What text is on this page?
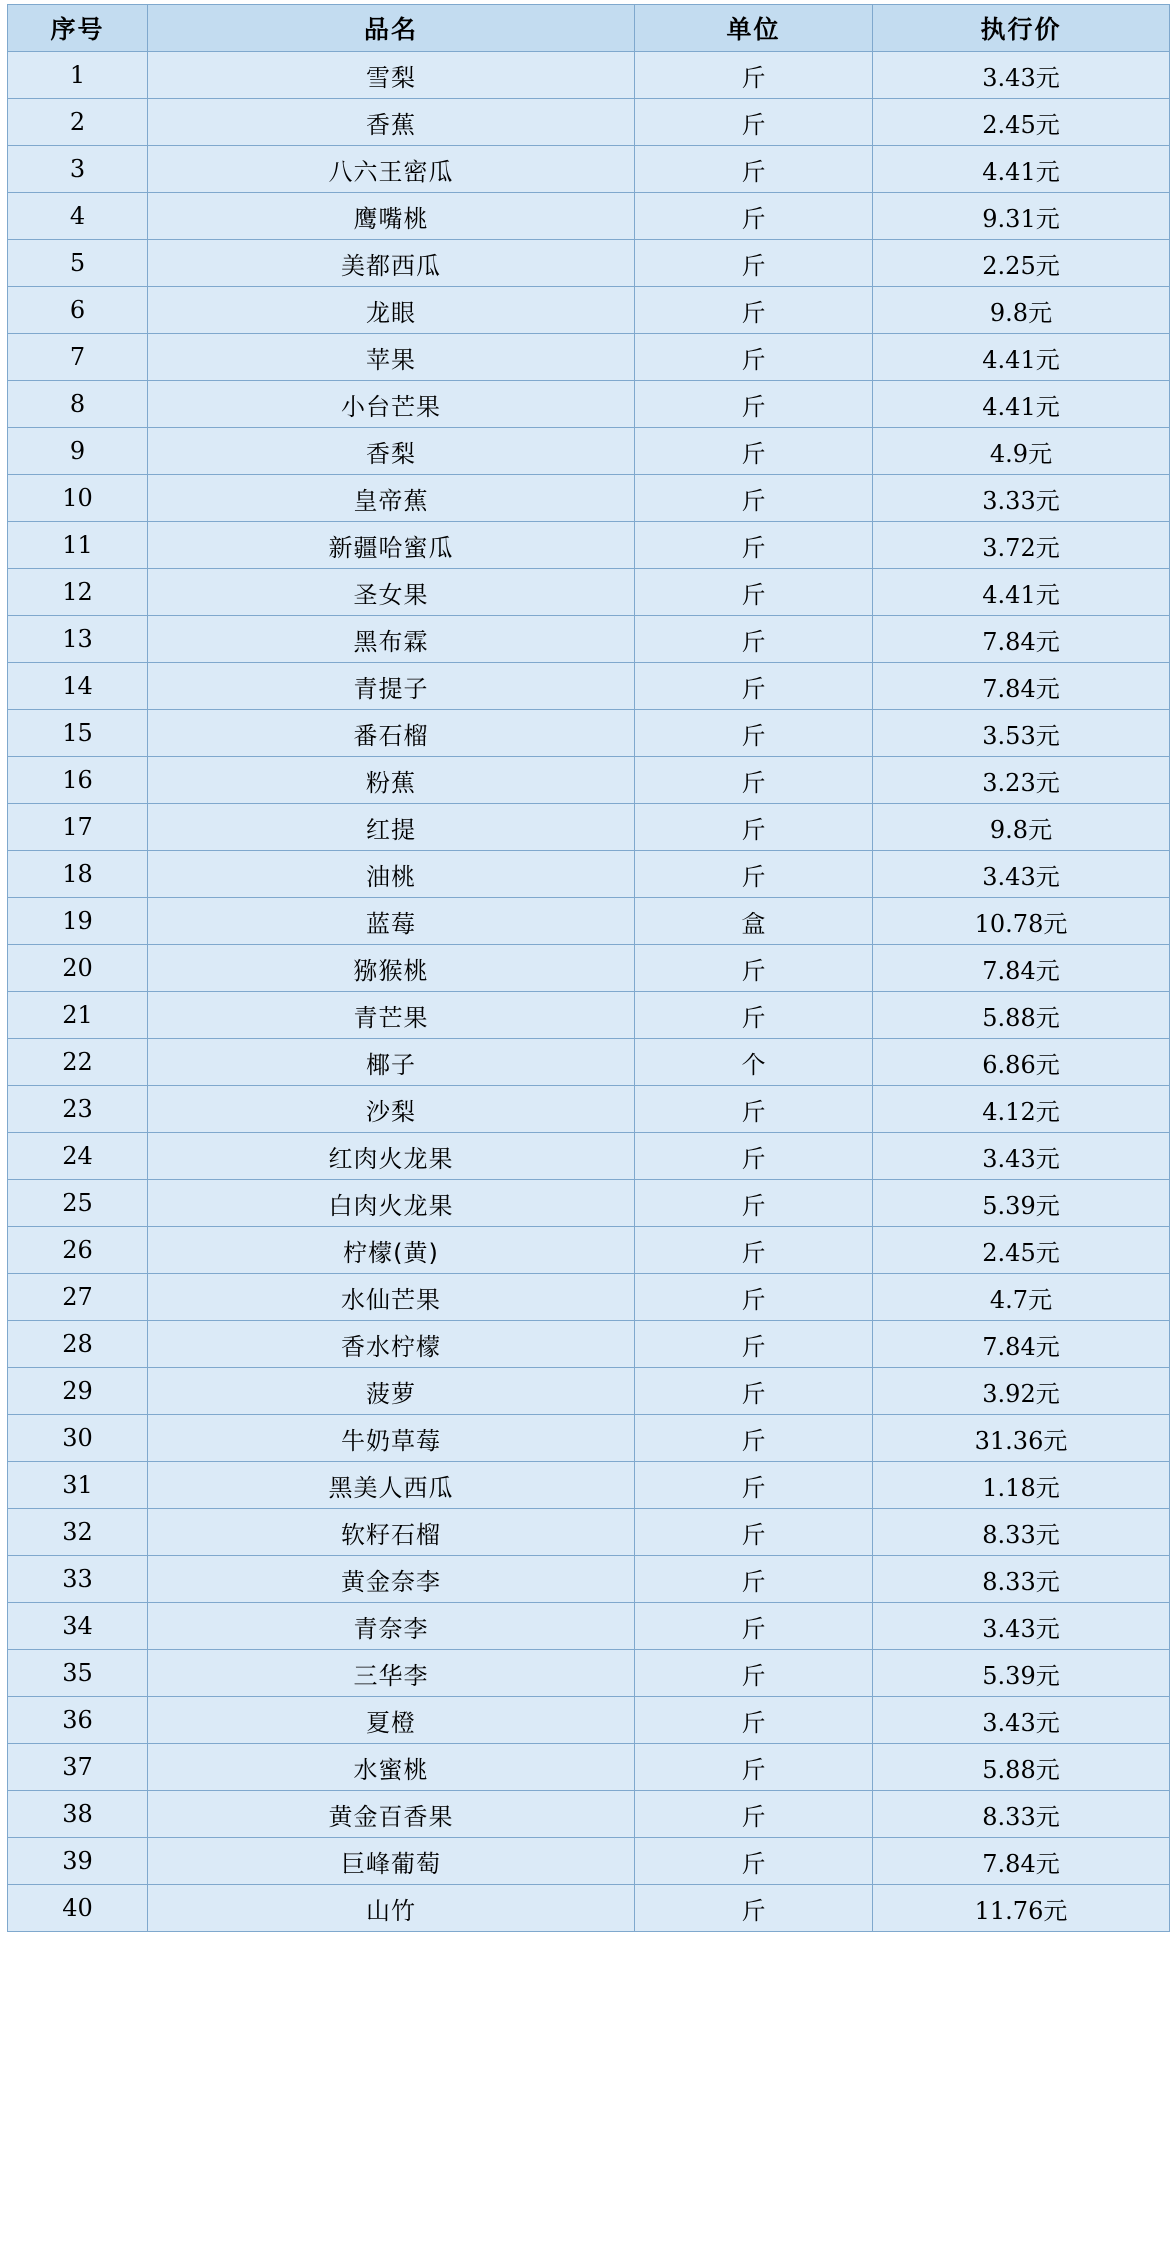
序号	品名	单位	执行价
1	雪梨	斤	3.43元
2	香蕉	斤	2.45元
3	八六王密瓜	斤	4.41元
4	鹰嘴桃	斤	9.31元
5	美都西瓜	斤	2.25元
6	龙眼	斤	9.8元
7	苹果	斤	4.41元
8	小台芒果	斤	4.41元
9	香梨	斤	4.9元
10	皇帝蕉	斤	3.33元
11	新疆哈蜜瓜	斤	3.72元
12	圣女果	斤	4.41元
13	黑布霖	斤	7.84元
14	青提子	斤	7.84元
15	番石榴	斤	3.53元
16	粉蕉	斤	3.23元
17	红提	斤	9.8元
18	油桃	斤	3.43元
19	蓝莓	盒	10.78元
20	猕猴桃	斤	7.84元
21	青芒果	斤	5.88元
22	椰子	个	6.86元
23	沙梨	斤	4.12元
24	红肉火龙果	斤	3.43元
25	白肉火龙果	斤	5.39元
26	柠檬(黄)	斤	2.45元
27	水仙芒果	斤	4.7元
28	香水柠檬	斤	7.84元
29	菠萝	斤	3.92元
30	牛奶草莓	斤	31.36元
31	黑美人西瓜	斤	1.18元
32	软籽石榴	斤	8.33元
33	黄金奈李	斤	8.33元
34	青奈李	斤	3.43元
35	三华李	斤	5.39元
36	夏橙	斤	3.43元
37	水蜜桃	斤	5.88元
38	黄金百香果	斤	8.33元
39	巨峰葡萄	斤	7.84元
40	山竹	斤	11.76元
